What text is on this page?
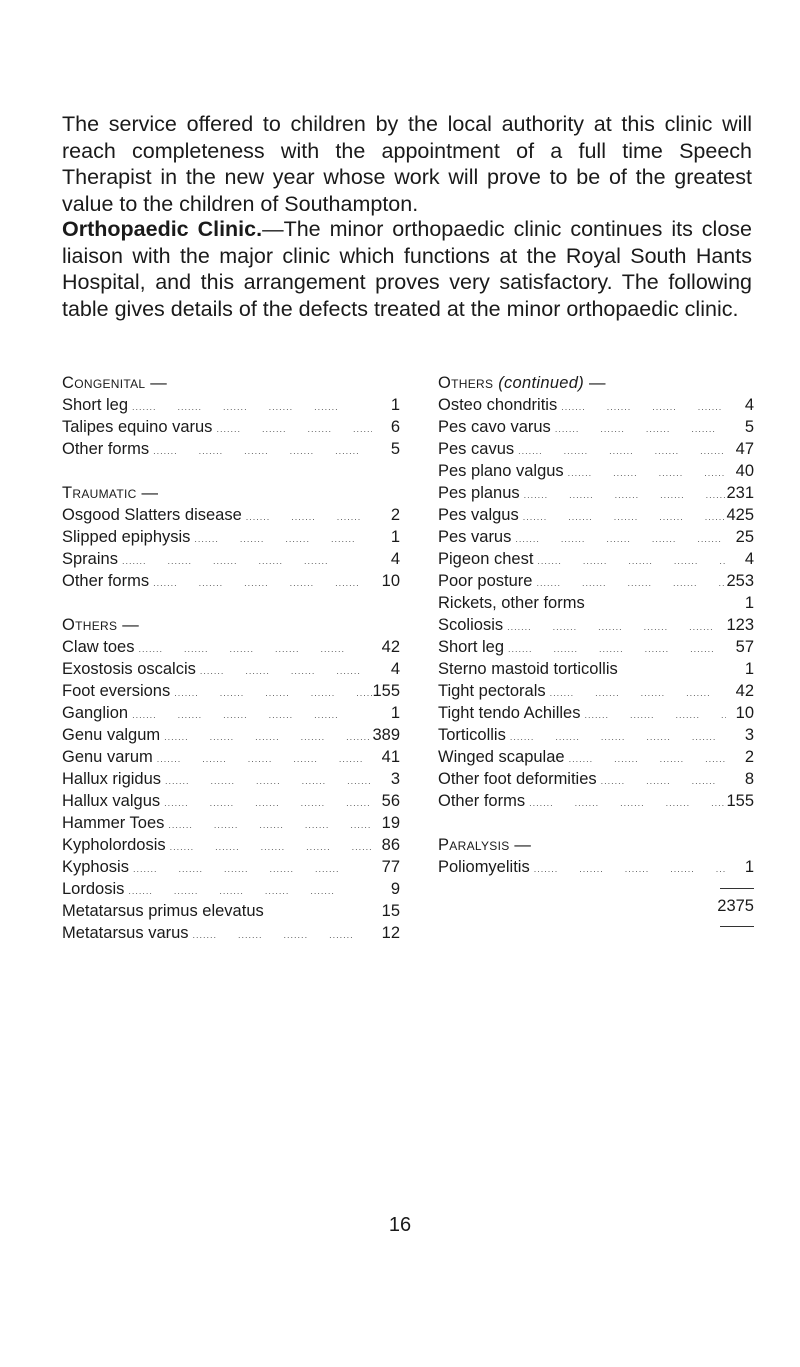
The service offered to children by the local authority at this clinic will reach completeness with the appointment of a full time Speech Therapist in the new year whose work will prove to be of the greatest value to the children of Southampton.

Orthopaedic Clinic.—The minor orthopaedic clinic continues its close liaison with the major clinic which functions at the Royal South Hants Hospital, and this arrangement proves very satisfactory. The following table gives details of the defects treated at the minor orthopaedic clinic.

Congenital —
Short leg .....	1
Talipes equino varus .....	6
Other forms .....	5
Traumatic —
Osgood Slatters disease .....	2
Slipped epiphysis .....	1
Sprains .....	4
Other forms .....	10
Others —
Claw toes .....	42
Exostosis oscalcis .....	4
Foot eversions .....	155
Ganglion .....	1
Genu valgum .....	389
Genu varum .....	41
Hallux rigidus .....	3
Hallux valgus .....	56
Hammer Toes .....	19
Kypholordosis .....	86
Kyphosis .....	77
Lordosis .....	9
Metatarsus primus elevatus	15
Metatarsus varus .....	12
Others (continued) —
Osteo chondritis .....	4
Pes cavo varus .....	5
Pes cavus .....	47
Pes plano valgus .....	40
Pes planus .....	231
Pes valgus .....	425
Pes varus .....	25
Pigeon chest .....	4
Poor posture .....	253
Rickets, other forms	1
Scoliosis .....	123
Short leg .....	57
Sterno mastoid torticollis	1
Tight pectorals .....	42
Tight tendo Achilles .....	10
Torticollis .....	3
Winged scapulae .....	2
Other foot deformities .....	8
Other forms .....	155
Paralysis —
Poliomyelitis .....	1
2375
16
